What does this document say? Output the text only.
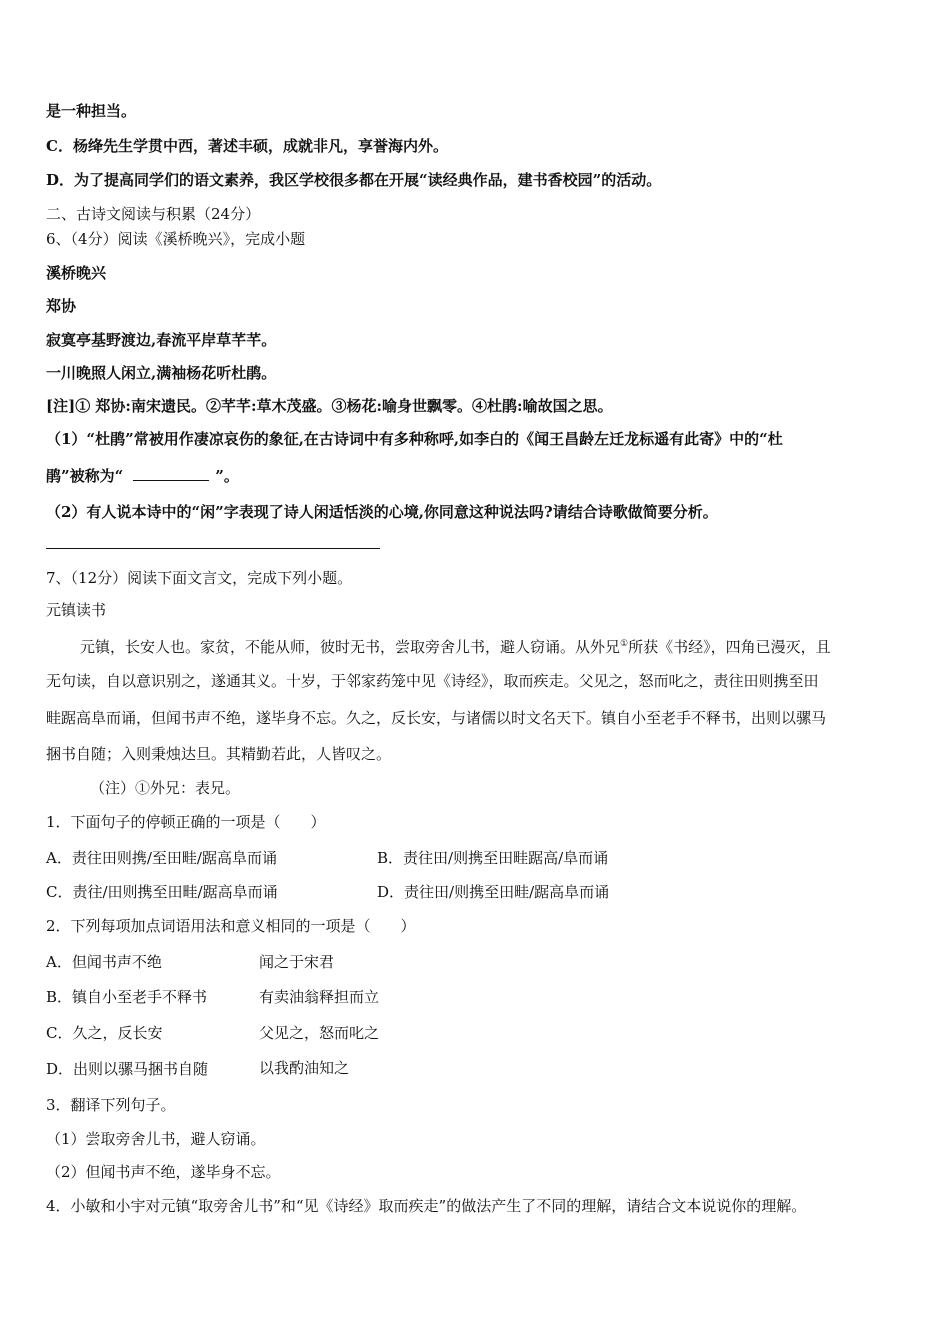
是一种担当。
C．杨绛先生学贯中西，著述丰硕，成就非凡，享誉海内外。
D．为了提高同学们的语文素养，我区学校很多都在开展“读经典作品，建书香校园”的活动。
二、古诗文阅读与积累（24分）
6、（4分）阅读《溪桥晚兴》，完成小题
溪桥晚兴
郑协
寂寞亭基野渡边,春流平岸草芊芊。
一川晚照人闲立,满袖杨花听杜鹃。
[注]① 郑协:南宋遗民。②芊芊:草木茂盛。③杨花:喻身世飘零。④杜鹃:喻故国之思。
（1）“杜鹃”常被用作凄凉哀伤的象征,在古诗词中有多种称呼,如李白的《闻王昌龄左迁龙标遥有此寄》中的“杜
鹃”被称为“	”。
（2）有人说本诗中的“闲”字表现了诗人闲适恬淡的心境,你同意这种说法吗?请结合诗歌做简要分析。
7、（12分）阅读下面文言文，完成下列小题。
元镇读书
元镇，长安人也。家贫，不能从师，彼时无书，尝取旁舍儿书，避人窃诵。从外兄①所获《书经》，四角已漫灭，且
无句读，自以意识别之，遂通其义。十岁，于邻家药笼中见《诗经》，取而疾走。父见之，怒而叱之，责往田则携至田
畦踞高阜而诵，但闻书声不绝，遂毕身不忘。久之，反长安，与诸儒以时文名天下。镇自小至老手不释书，出则以骡马
捆书自随；入则秉烛达旦。其精勤若此，人皆叹之。
（注）①外兄：表兄。
1．下面句子的停顿正确的一项是（　　）
A．责往田则携/至田畦/踞高阜而诵	B．责往田/则携至田畦踞高/阜而诵
C．责往/田则携至田畦/踞高阜而诵	D．责往田/则携至田畦/踞高阜而诵
2．下列每项加点词语用法和意义相同的一项是（　　）
A．但闻书声不绝	闻之于宋君
B．镇自小至老手不释书	有卖油翁释担而立
C．久之，反长安	父见之，怒而叱之
D．出则以骡马捆书自随	以我酌油知之
3．翻译下列句子。
（1）尝取旁舍儿书，避人窃诵。
（2）但闻书声不绝，遂毕身不忘。
4．小敏和小宇对元镇“取旁舍儿书”和“见《诗经》取而疾走”的做法产生了不同的理解，请结合文本说说你的理解。
